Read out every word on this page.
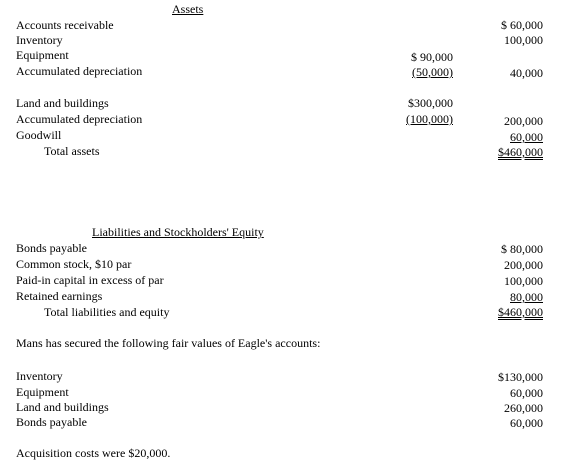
Assets
Accounts receivable	$ 60,000
Inventory	100,000
Equipment	$ 90,000
Accumulated depreciation	(50,000)	40,000
Land and buildings	$300,000
Accumulated depreciation	(100,000)	200,000
Goodwill	60,000
Total assets	$460,000
Liabilities and Stockholders' Equity
Bonds payable	$ 80,000
Common stock, $10 par	200,000
Paid-in capital in excess of par	100,000
Retained earnings	80,000
Total liabilities and equity	$460,000
Mans has secured the following fair values of Eagle's accounts:
Inventory	$130,000
Equipment	60,000
Land and buildings	260,000
Bonds payable	60,000
Acquisition costs were $20,000.
